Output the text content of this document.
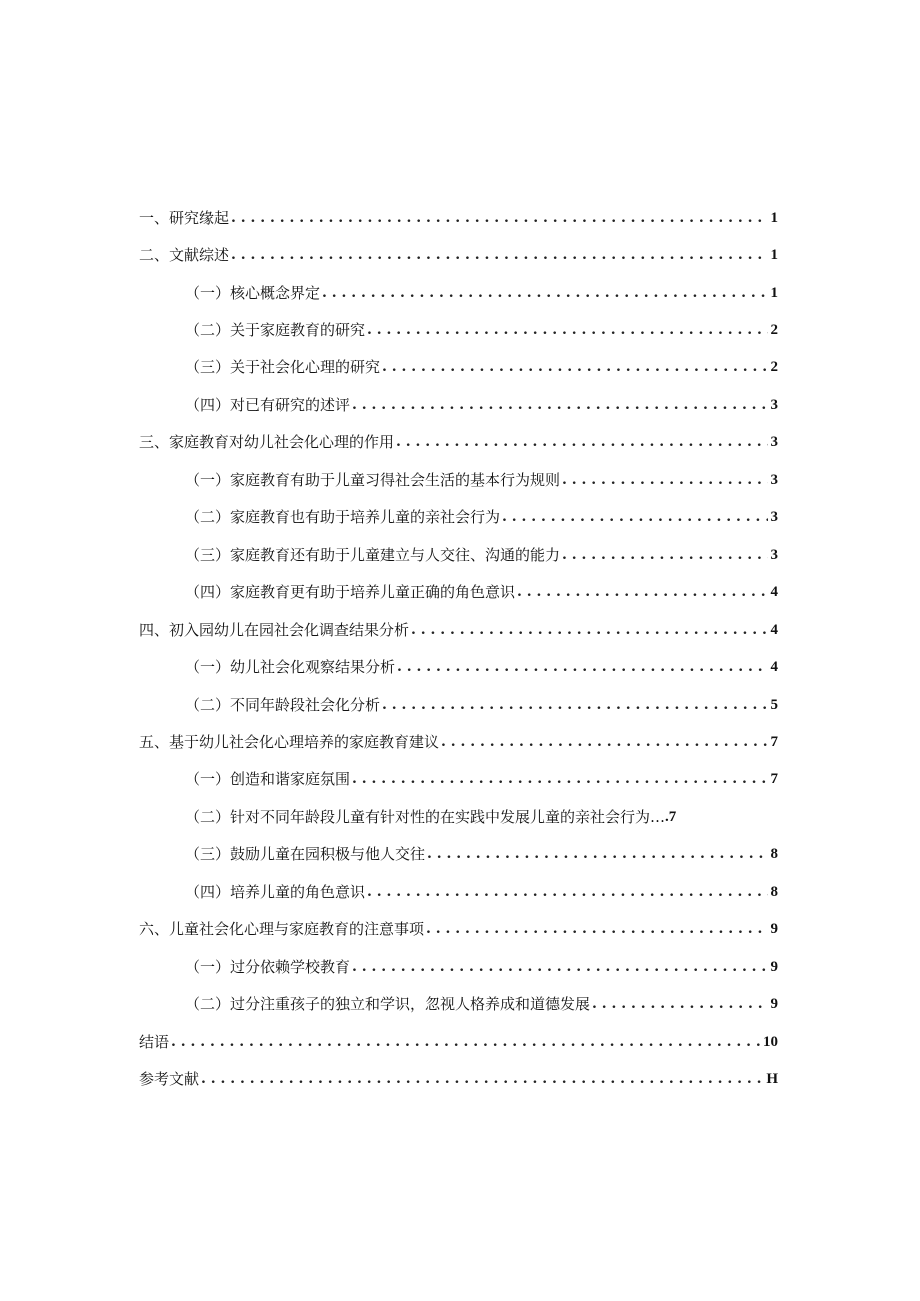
一、研究缘起 . . .	1
二、文献综述 . . .	1
（一）核心概念界定 . . .	1
（二）关于家庭教育的研究 . . .	2
（三）关于社会化心理的研究 . . .	2
（四）对已有研究的述评 . . .	3
三、家庭教育对幼儿社会化心理的作用 . . .	3
（一）家庭教育有助于儿童习得社会生活的基本行为规则 . . .	3
（二）家庭教育也有助于培养儿童的亲社会行为 . . .	3
（三）家庭教育还有助于儿童建立与人交往、沟通的能力 . . .	3
（四）家庭教育更有助于培养儿童正确的角色意识 . . .	4
四、初入园幼儿在园社会化调查结果分析 . . .	4
（一）幼儿社会化观察结果分析 . . .	4
（二）不同年龄段社会化分析 . . .	5
五、基于幼儿社会化心理培养的家庭教育建议 . . .	7
（一）创造和谐家庭氛围 . . .	7
（二）针对不同年龄段儿童有针对性的在实践中发展儿童的亲社会行为… .7
（三）鼓励儿童在园积极与他人交往 . . .	8
（四）培养儿童的角色意识 . . .	8
六、儿童社会化心理与家庭教育的注意事项 . . .	9
（一）过分依赖学校教育 . . .	9
（二）过分注重孩子的独立和学识，忽视人格养成和道德发展 . . .	9
结语 . . .	10
参考文献 . . .	H
